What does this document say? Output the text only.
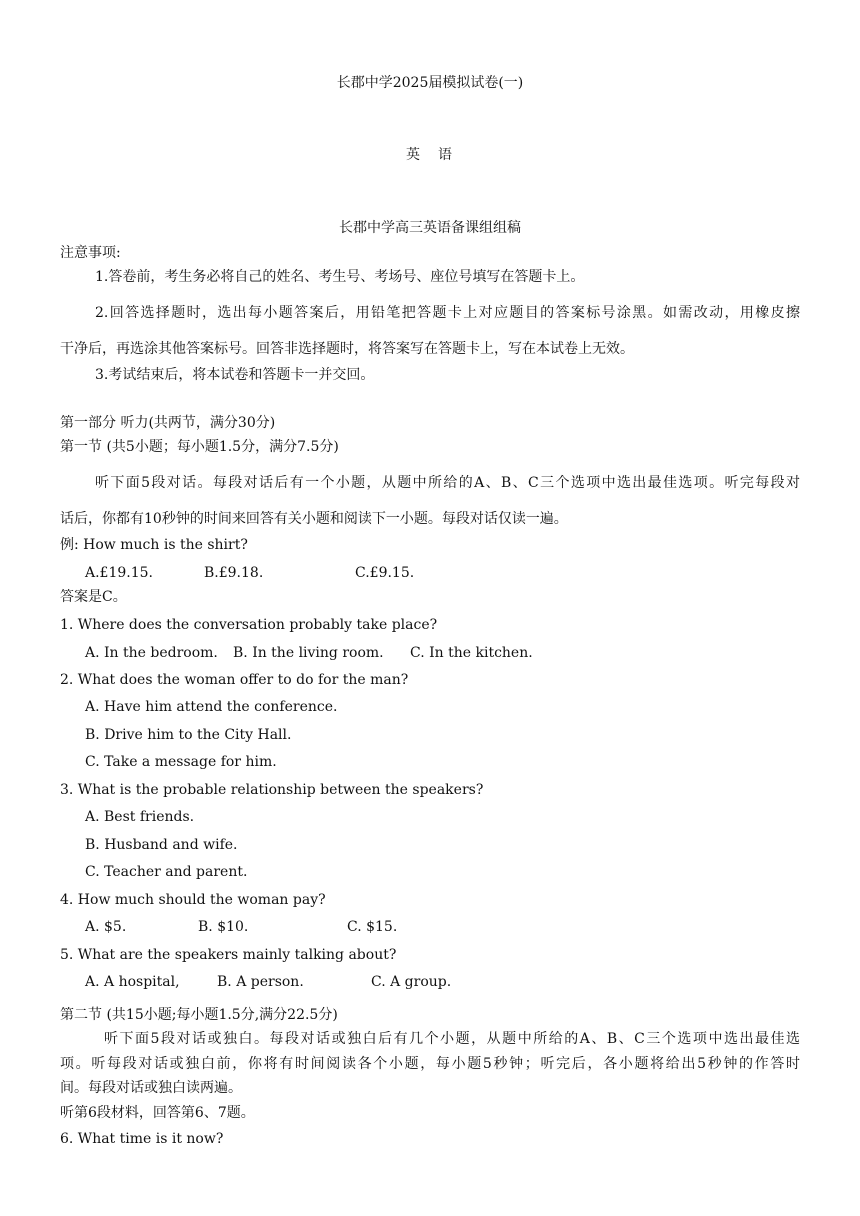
长郡中学2025届模拟试卷(一)
英　语
长郡中学高三英语备课组组稿
注意事项:
1.答卷前，考生务必将自己的姓名、考生号、考场号、座位号填写在答题卡上。
2.回答选择题时，选出每小题答案后，用铅笔把答题卡上对应题目的答案标号涂黑。如需改动，用橡皮擦
干净后，再选涂其他答案标号。回答非选择题时，将答案写在答题卡上，写在本试卷上无效。
3.考试结束后，将本试卷和答题卡一并交回。
第一部分 听力(共两节，满分30分)
第一节 (共5小题；每小题1.5分，满分7.5分)
听下面5段对话。每段对话后有一个小题，从题中所给的A、B、C三个选项中选出最佳选项。听完每段对
话后，你都有10秒钟的时间来回答有关小题和阅读下一小题。每段对话仅读一遍。
例: How much is the shirt?
A.£19.15.	B.£9.18.	C.£9.15.
答案是C。
1. Where does the conversation probably take place?
A. In the bedroom. B. In the living room. C. In the kitchen.
2. What does the woman offer to do for the man?
A. Have him attend the conference.
B. Drive him to the City Hall.
C. Take a message for him.
3. What is the probable relationship between the speakers?
A. Best friends.
B. Husband and wife.
C. Teacher and parent.
4. How much should the woman pay?
A. $5.	B. $10.	C. $15.
5. What are the speakers mainly talking about?
A. A hospital,	B. A person.	C. A group.
第二节 (共15小题;每小题1.5分,满分22.5分)
听下面5段对话或独白。每段对话或独白后有几个小题，从题中所给的A、B、C三个选项中选出最佳选
项。听每段对话或独白前，你将有时间阅读各个小题，每小题5秒钟；听完后，各小题将给出5秒钟的作答时
间。每段对话或独白读两遍。
听第6段材料，回答第6、7题。
6. What time is it now?
